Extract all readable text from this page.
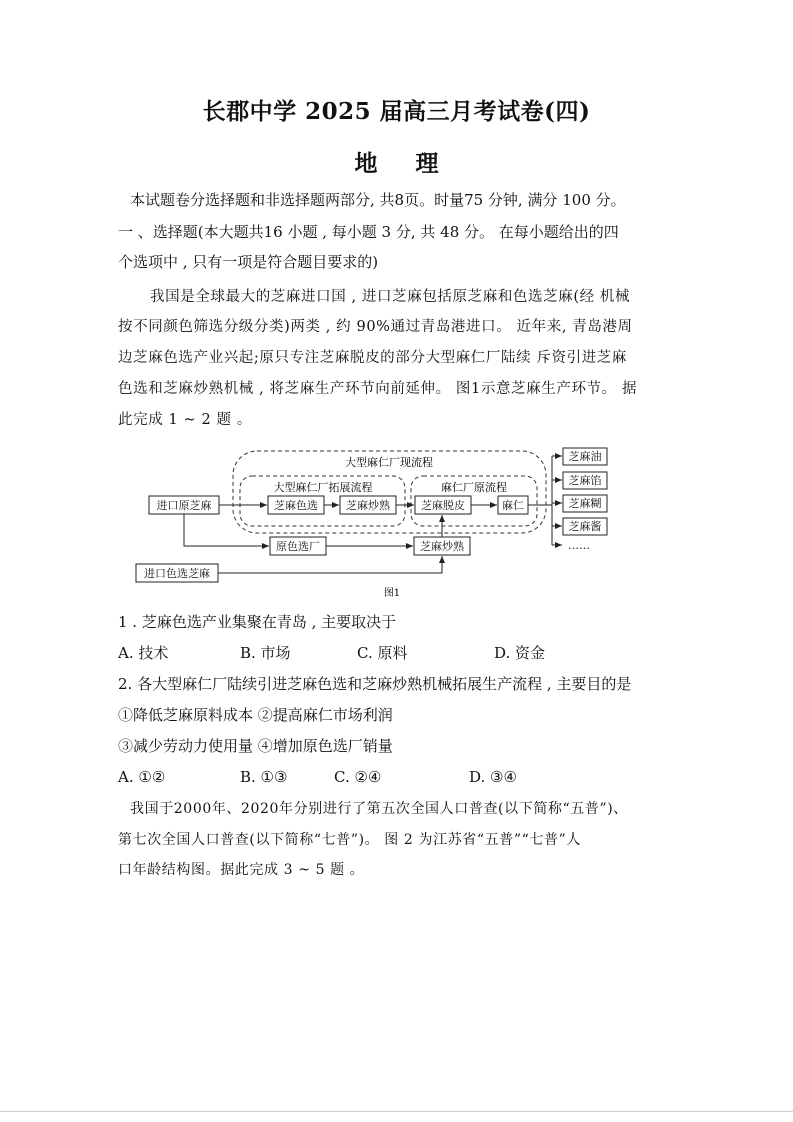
长郡中学 2025 届高三月考试卷(四)
地理
本试题卷分选择题和非选择题两部分, 共8页。时量75 分钟, 满分 100 分。
一 、选择题(本大题共16 小题 , 每小题 3 分, 共 48 分。 在每小题给出的四
个选项中 , 只有一项是符合题目要求的)
我国是全球最大的芝麻进口国 , 进口芝麻包括原芝麻和色选芝麻(经 机械
按不同颜色筛选分级分类)两类 , 约 90%通过青岛港进口。 近年来, 青岛港周
边芝麻色选产业兴起;原只专注芝麻脱皮的部分大型麻仁厂陆续 斥资引进芝麻
色选和芝麻炒熟机械 , 将芝麻生产环节向前延伸。 图1示意芝麻生产环节。 据
此完成 1 ~ 2 题 。
大型麻仁厂现流程
大型麻仁厂拓展流程	麻仁厂原流程
进口原芝麻	芝麻色选	芝麻炒熟	芝麻脱皮	麻仁
原色选厂	芝麻炒熟
进口色选芝麻
芝麻油
芝麻馅
芝麻糊
芝麻酱
……
图1
1 . 芝麻色选产业集聚在青岛 , 主要取决于
A. 技术	B. 市场	C. 原料	D. 资金
2. 各大型麻仁厂陆续引进芝麻色选和芝麻炒熟机械拓展生产流程 , 主要目的是
①降低芝麻原料成本 ②提高麻仁市场利润
③减少劳动力使用量 ④增加原色选厂销量
A. ①②	B. ①③	C. ②④	D. ③④
我国于2000年、2020年分别进行了第五次全国人口普查(以下简称“五普”)、
第七次全国人口普查(以下简称“七普”)。 图 2 为江苏省“五普”“七普”人
口年龄结构图。据此完成 3 ~ 5 题 。
